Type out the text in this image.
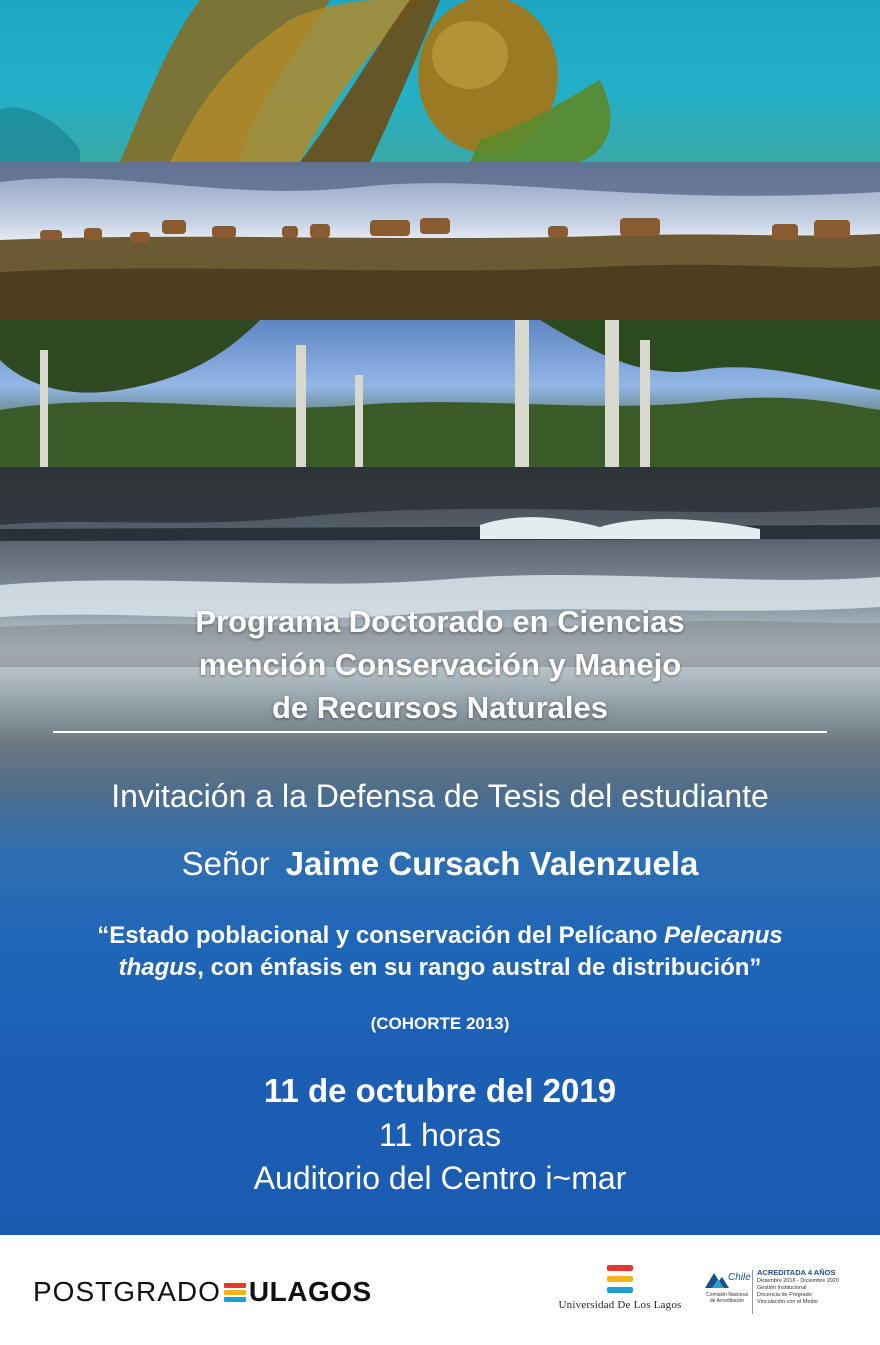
Programa Doctorado en Ciencias
mención Conservación y Manejo
de Recursos Naturales
Invitación a la Defensa de Tesis del estudiante
Señor Jaime Cursach Valenzuela
“Estado poblacional y conservación del Pelícano Pelecanus
thagus, con énfasis en su rango austral de distribución”
(COHORTE 2013)
11 de octubre del 2019
11 horas
Auditorio del Centro i~mar
POSTGRADO ULAGOS	Universidad De Los Lagos
Chile
Comisión Nacional de Acreditación
ACREDITADA 4 AÑOS
Diciembre 2016 - Diciembre 2020
Gestión Institucional
Docencia de Pregrado
Vinculación con el Medio
